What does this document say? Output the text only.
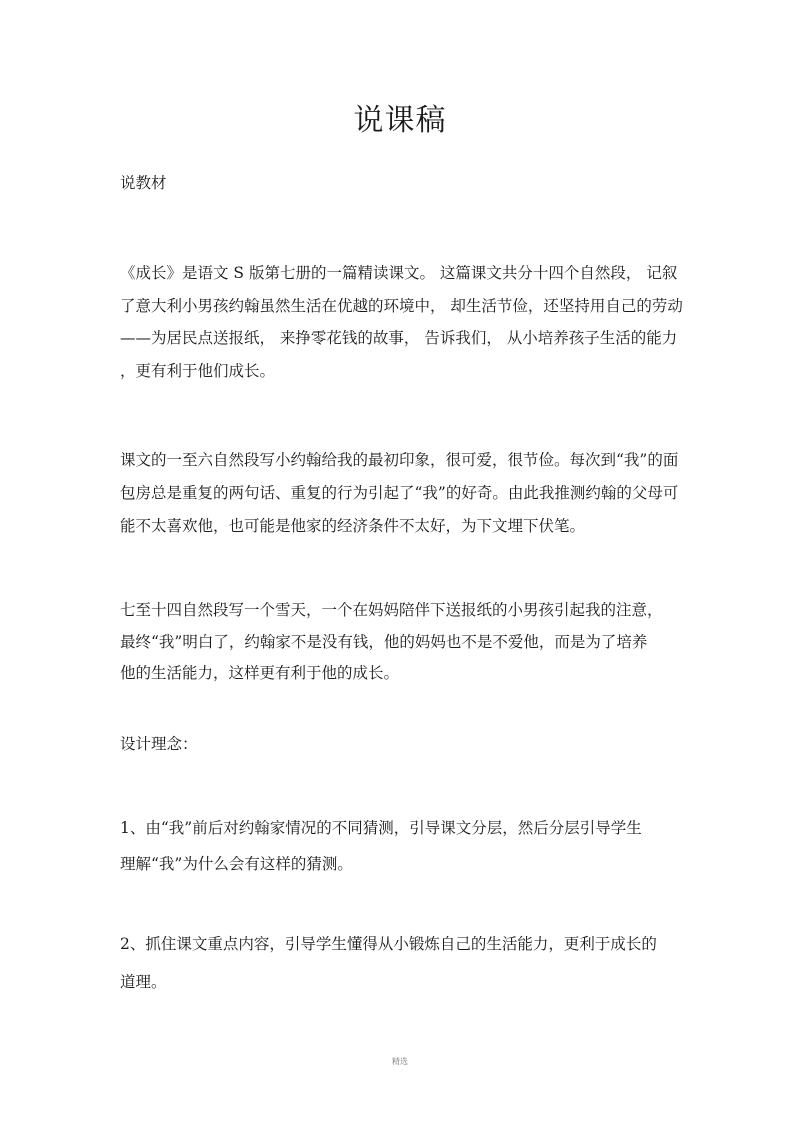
说课稿

说教材

《成长》是语文 S 版第七册的一篇精读课文。 这篇课文共分十四个自然段， 记叙
了意大利小男孩约翰虽然生活在优越的环境中， 却生活节俭，还坚持用自己的劳动
——为居民点送报纸， 来挣零花钱的故事， 告诉我们， 从小培养孩子生活的能力
，更有利于他们成长。

课文的一至六自然段写小约翰给我的最初印象，很可爱，很节俭。每次到“我”的面
包房总是重复的两句话、重复的行为引起了“我”的好奇。由此我推测约翰的父母可
能不太喜欢他，也可能是他家的经济条件不太好，为下文埋下伏笔。

七至十四自然段写一个雪天，一个在妈妈陪伴下送报纸的小男孩引起我的注意，
最终“我”明白了，约翰家不是没有钱，他的妈妈也不是不爱他，而是为了培养
他的生活能力，这样更有利于他的成长。

设计理念：

1、由“我”前后对约翰家情况的不同猜测，引导课文分层，然后分层引导学生
理解“我”为什么会有这样的猜测。

2、抓住课文重点内容，引导学生懂得从小锻炼自己的生活能力，更利于成长的
道理。

精选
